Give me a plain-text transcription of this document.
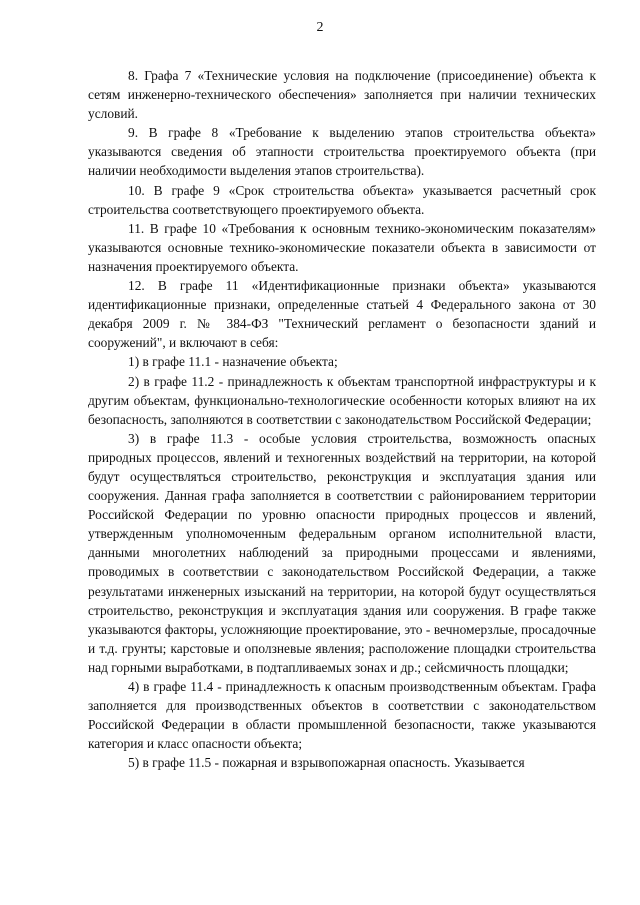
2

8. Графа 7 «Технические условия на подключение (присоединение) объекта к сетям инженерно-технического обеспечения» заполняется при наличии технических условий.

9. В графе 8 «Требование к выделению этапов строительства объекта» указываются сведения об этапности строительства проектируемого объекта (при наличии необходимости выделения этапов строительства).

10. В графе 9 «Срок строительства объекта» указывается расчетный срок строительства соответствующего проектируемого объекта.

11. В графе 10 «Требования к основным технико-экономическим показателям» указываются основные технико-экономические показатели объекта в зависимости от назначения проектируемого объекта.

12. В графе 11 «Идентификационные признаки объекта» указываются идентификационные признаки, определенные статьей 4 Федерального закона от 30 декабря 2009 г. № 384-ФЗ "Технический регламент о безопасности зданий и сооружений", и включают в себя:

1) в графе 11.1 - назначение объекта;

2) в графе 11.2 - принадлежность к объектам транспортной инфраструктуры и к другим объектам, функционально-технологические особенности которых влияют на их безопасность, заполняются в соответствии с законодательством Российской Федерации;

3) в графе 11.3 - особые условия строительства, возможность опасных природных процессов, явлений и техногенных воздействий на территории, на которой будут осуществляться строительство, реконструкция и эксплуатация здания или сооружения. Данная графа заполняется в соответствии с районированием территории Российской Федерации по уровню опасности природных процессов и явлений, утвержденным уполномоченным федеральным органом исполнительной власти, данными многолетних наблюдений за природными процессами и явлениями, проводимых в соответствии с законодательством Российской Федерации, а также результатами инженерных изысканий на территории, на которой будут осуществляться строительство, реконструкция и эксплуатация здания или сооружения. В графе также указываются факторы, усложняющие проектирование, это - вечномерзлые, просадочные и т.д. грунты; карстовые и оползневые явления; расположение площадки строительства над горными выработками, в подтапливаемых зонах и др.; сейсмичность площадки;

4) в графе 11.4 - принадлежность к опасным производственным объектам. Графа заполняется для производственных объектов в соответствии с законодательством Российской Федерации в области промышленной безопасности, также указываются категория и класс опасности объекта;

5) в графе 11.5 - пожарная и взрывопожарная опасность. Указывается
